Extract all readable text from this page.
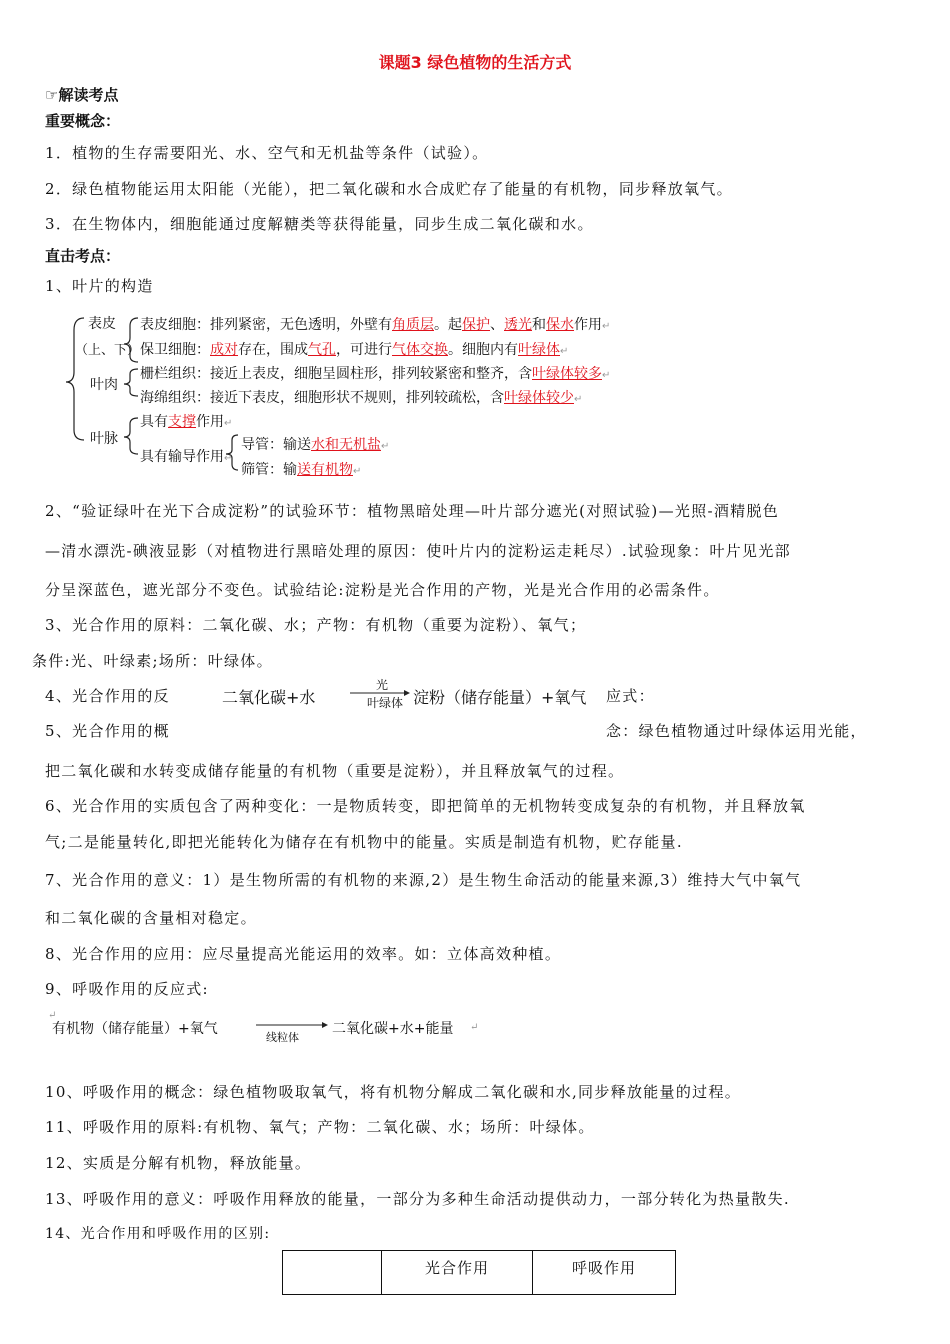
课题3 绿色植物的生活方式
☞解读考点
重要概念：
1．植物的生存需要阳光、水、空气和无机盐等条件（试验）。
2．绿色植物能运用太阳能（光能），把二氧化碳和水合成贮存了能量的有机物，同步释放氧气。
3．在生物体内，细胞能通过度解糖类等获得能量，同步生成二氧化碳和水。
直击考点：
1、叶片的构造
表皮
（上、下）
叶肉
叶脉
表皮细胞：排列紧密，无色透明，外壁有角质层。起保护、透光和保水作用↵
保卫细胞：成对存在，围成气孔，可进行气体交换。细胞内有叶绿体↵
栅栏组织：接近上表皮，细胞呈圆柱形，排列较紧密和整齐，含叶绿体较多↵
海绵组织：接近下表皮，细胞形状不规则，排列较疏松，含叶绿体较少↵
具有支撑作用↵
具有输导作用↵
导管：输送水和无机盐↵
筛管：输送有机物↵
2、“验证绿叶在光下合成淀粉”的试验环节：植物黑暗处理—叶片部分遮光(对照试验)—光照-酒精脱色
—清水漂洗-碘液显影（对植物进行黑暗处理的原因：使叶片内的淀粉运走耗尽）.试验现象：叶片见光部
分呈深蓝色，遮光部分不变色。试验结论:淀粉是光合作用的产物，光是光合作用的必需条件。
3、光合作用的原料：二氧化碳、水；产物：有机物（重要为淀粉）、氧气；
条件:光、叶绿素;场所：叶绿体。
4、光合作用的反	应式：
二氧化碳+水
光
叶绿体 淀粉（储存能量）+氧气
5、光合作用的概	念：绿色植物通过叶绿体运用光能，
把二氧化碳和水转变成储存能量的有机物（重要是淀粉），并且释放氧气的过程。
6、光合作用的实质包含了两种变化：一是物质转变，即把简单的无机物转变成复杂的有机物，并且释放氧
气;二是能量转化,即把光能转化为储存在有机物中的能量。实质是制造有机物，贮存能量.
7、光合作用的意义：1）是生物所需的有机物的来源,2）是生物生命活动的能量来源,3）维持大气中氧气
和二氧化碳的含量相对稳定。
8、光合作用的应用：应尽量提高光能运用的效率。如：立体高效种植。
9、呼吸作用的反应式:
↵
有机物（储存能量）+氧气
线粒体
二氧化碳+水+能量 ↵
10、呼吸作用的概念：绿色植物吸取氧气，将有机物分解成二氧化碳和水,同步释放能量的过程。
11、呼吸作用的原料:有机物、氧气；产物：二氧化碳、水；场所：叶绿体。
12、实质是分解有机物，释放能量。
13、呼吸作用的意义：呼吸作用释放的能量，一部分为多种生命活动提供动力，一部分转化为热量散失.
14、光合作用和呼吸作用的区别:
	光合作用	呼吸作用
